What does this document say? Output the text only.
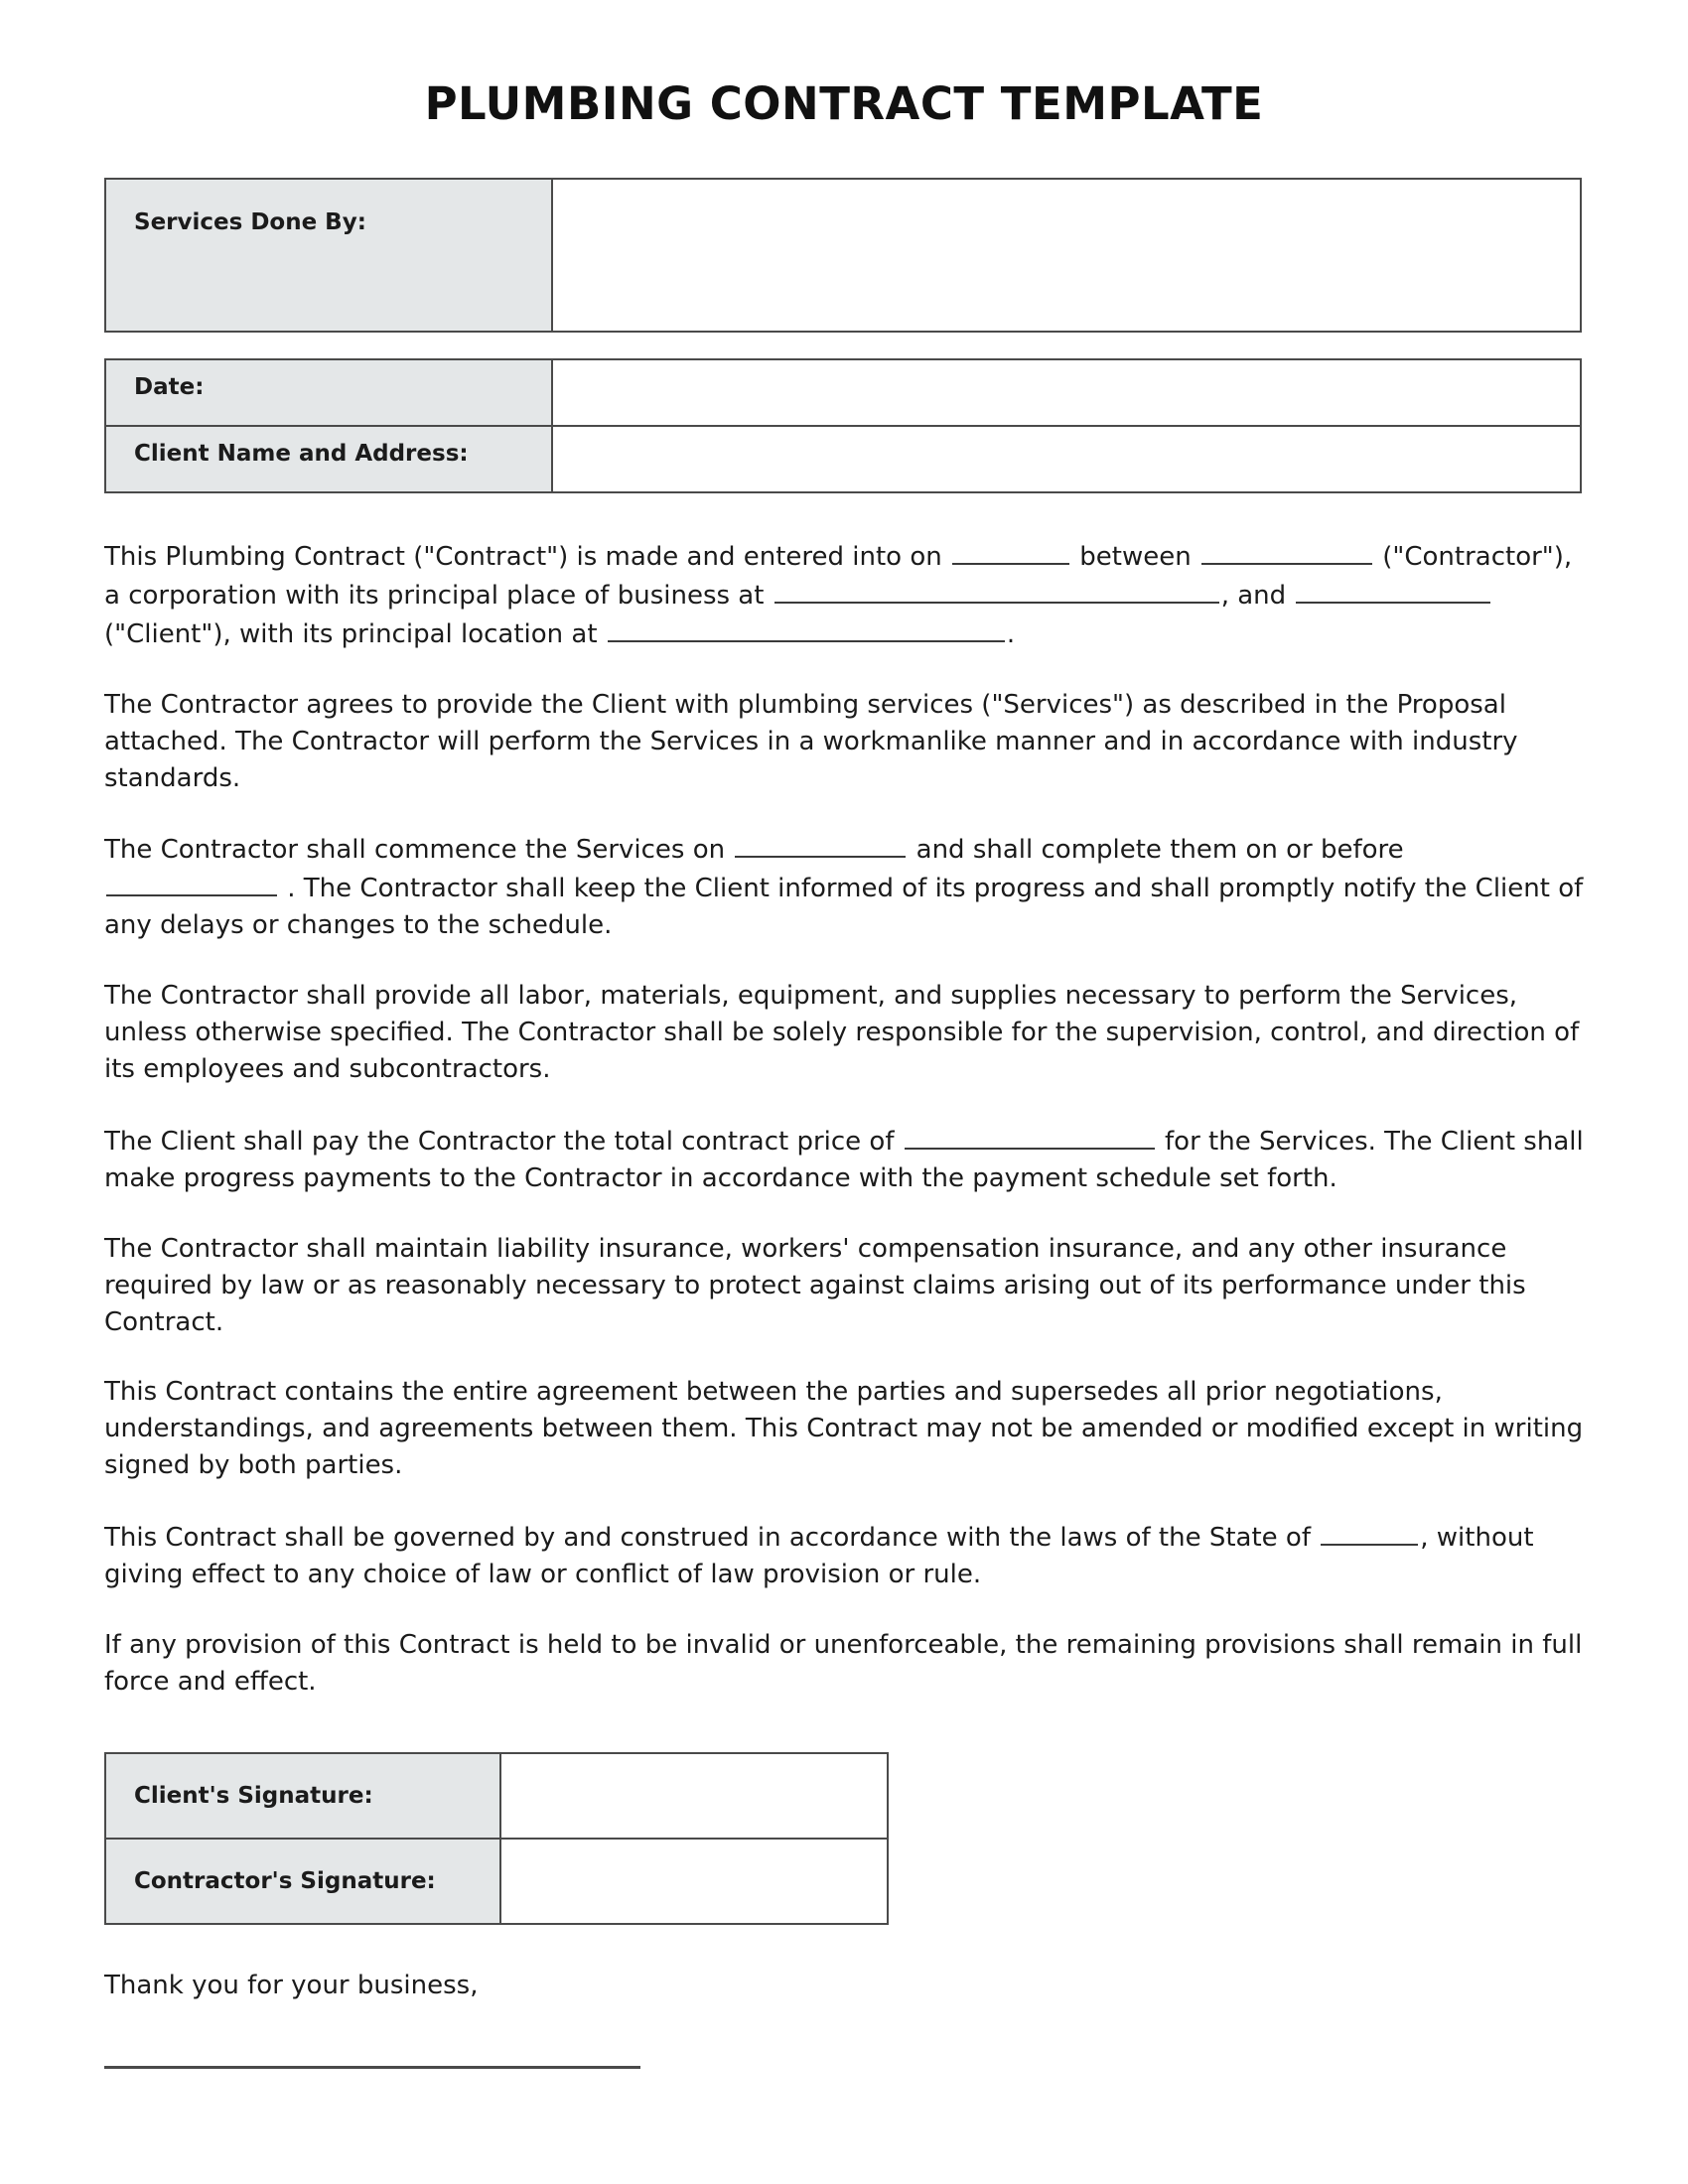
PLUMBING CONTRACT TEMPLATE
Services Done By:	
Date:	
Client Name and Address:	

This Plumbing Contract ("Contract") is made and entered into on	between	("Contractor"), a corporation with its principal place of business at	, and  ("Client"), with its principal location at	.

The Contractor agrees to provide the Client with plumbing services ("Services") as described in the Proposal attached. The Contractor will perform the Services in a workmanlike manner and in accordance with industry standards.

The Contractor shall commence the Services on	and shall complete them on or before  . The Contractor shall keep the Client informed of its progress and shall promptly notify the Client of any delays or changes to the schedule.

The Contractor shall provide all labor, materials, equipment, and supplies necessary to perform the Services, unless otherwise specified. The Contractor shall be solely responsible for the supervision, control, and direction of its employees and subcontractors.

The Client shall pay the Contractor the total contract price of	for the Services. The Client shall make progress payments to the Contractor in accordance with the payment schedule set forth.

The Contractor shall maintain liability insurance, workers' compensation insurance, and any other insurance required by law or as reasonably necessary to protect against claims arising out of its performance under this Contract.

This Contract contains the entire agreement between the parties and supersedes all prior negotiations, understandings, and agreements between them. This Contract may not be amended or modified except in writing signed by both parties.

This Contract shall be governed by and construed in accordance with the laws of the State of	, without giving effect to any choice of law or conflict of law provision or rule.

If any provision of this Contract is held to be invalid or unenforceable, the remaining provisions shall remain in full force and effect.

Client's Signature:	
Contractor's Signature:	
Thank you for your business,
